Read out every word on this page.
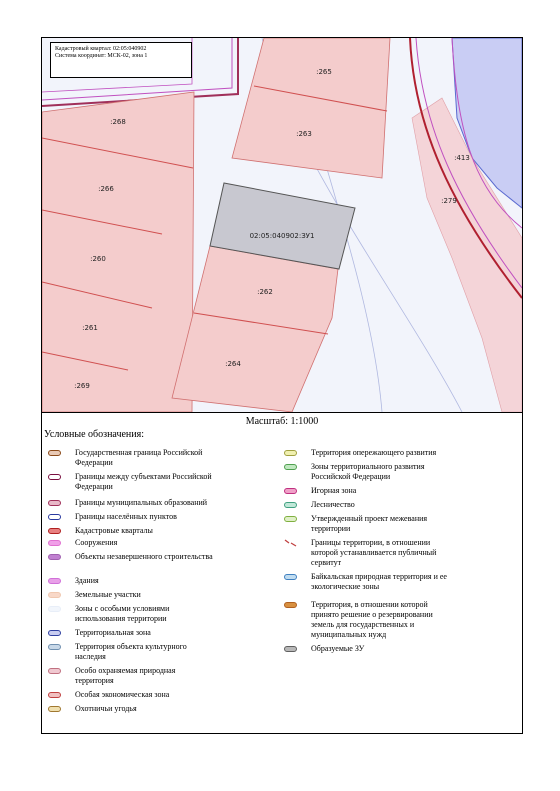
:265
:263
:268
:266
:260
:261
:269
:262
:264
:413
:279
02:05:040902:ЗУ1
Кадастровый квартал: 02:05:040902
Система координат: МСК-02, зона 1
Масштаб: 1:1000
Условные обозначения:
Государственная граница Российской Федерации
Границы между субъектами Российской Федерации
Границы муниципальных образований
Границы населённых пунктов
Кадастровые кварталы
Сооружения
Объекты незавершенного строительства
Здания
Земельные участки
Зоны с особыми условиями использования территории
Территориальная зона
Территория объекта культурного наследия
Особо охраняемая природная территория
Особая экономическая зона
Охотничьи угодья
Территория опережающего развития
Зоны территориального развития Российской Федерации
Игорная зона
Лесничество
Утвержденный проект межевания территории
Границы территории, в отношении которой устанавливается публичный сервитут
Байкальская природная территория и ее экологические зоны
Территория, в отношении которой принято решение о резервировании земель для государственных и муниципальных нужд
Образуемые ЗУ
